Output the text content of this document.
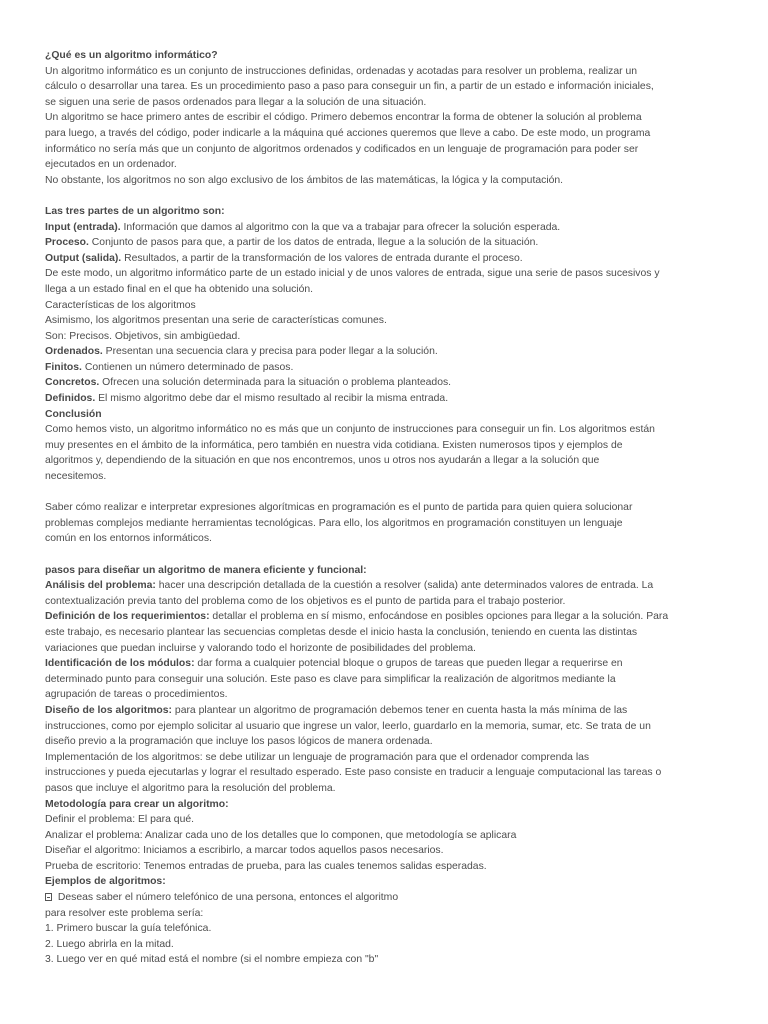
¿Qué es un algoritmo informático?
Un algoritmo informático es un conjunto de instrucciones definidas, ordenadas y acotadas para resolver un problema, realizar un
cálculo o desarrollar una tarea. Es un procedimiento paso a paso para conseguir un fin, a partir de un estado e información iniciales,
se siguen una serie de pasos ordenados para llegar a la solución de una situación.
Un algoritmo se hace primero antes de escribir el código. Primero debemos encontrar la forma de obtener la solución al problema
para luego, a través del código, poder indicarle a la máquina qué acciones queremos que lleve a cabo. De este modo, un programa
informático no sería más que un conjunto de algoritmos ordenados y codificados en un lenguaje de programación para poder ser
ejecutados en un ordenador.
No obstante, los algoritmos no son algo exclusivo de los ámbitos de las matemáticas, la lógica y la computación.
Las tres partes de un algoritmo son:
Input (entrada). Información que damos al algoritmo con la que va a trabajar para ofrecer la solución esperada.
Proceso. Conjunto de pasos para que, a partir de los datos de entrada, llegue a la solución de la situación.
Output (salida). Resultados, a partir de la transformación de los valores de entrada durante el proceso.
De este modo, un algoritmo informático parte de un estado inicial y de unos valores de entrada, sigue una serie de pasos sucesivos y
llega a un estado final en el que ha obtenido una solución.
Características de los algoritmos
Asimismo, los algoritmos presentan una serie de características comunes.
Son: Precisos. Objetivos, sin ambigüedad.
Ordenados. Presentan una secuencia clara y precisa para poder llegar a la solución.
Finitos. Contienen un número determinado de pasos.
Concretos. Ofrecen una solución determinada para la situación o problema planteados.
Definidos. El mismo algoritmo debe dar el mismo resultado al recibir la misma entrada.
Conclusión
Como hemos visto, un algoritmo informático no es más que un conjunto de instrucciones para conseguir un fin. Los algoritmos están
muy presentes en el ámbito de la informática, pero también en nuestra vida cotidiana. Existen numerosos tipos y ejemplos de
algoritmos y, dependiendo de la situación en que nos encontremos, unos u otros nos ayudarán a llegar a la solución que
necesitemos.
Saber cómo realizar e interpretar expresiones algorítmicas en programación es el punto de partida para quien quiera solucionar
problemas complejos mediante herramientas tecnológicas. Para ello, los algoritmos en programación constituyen un lenguaje
común en los entornos informáticos.
pasos para diseñar un algoritmo de manera eficiente y funcional:
Análisis del problema: hacer una descripción detallada de la cuestión a resolver (salida) ante determinados valores de entrada. La
contextualización previa tanto del problema como de los objetivos es el punto de partida para el trabajo posterior.
Definición de los requerimientos: detallar el problema en sí mismo, enfocándose en posibles opciones para llegar a la solución. Para
este trabajo, es necesario plantear las secuencias completas desde el inicio hasta la conclusión, teniendo en cuenta las distintas
variaciones que puedan incluirse y valorando todo el horizonte de posibilidades del problema.
Identificación de los módulos: dar forma a cualquier potencial bloque o grupos de tareas que pueden llegar a requerirse en
determinado punto para conseguir una solución. Este paso es clave para simplificar la realización de algoritmos mediante la
agrupación de tareas o procedimientos.
Diseño de los algoritmos: para plantear un algoritmo de programación debemos tener en cuenta hasta la más mínima de las
instrucciones, como por ejemplo solicitar al usuario que ingrese un valor, leerlo, guardarlo en la memoria, sumar, etc. Se trata de un
diseño previo a la programación que incluye los pasos lógicos de manera ordenada.
Implementación de los algoritmos: se debe utilizar un lenguaje de programación para que el ordenador comprenda las
instrucciones y pueda ejecutarlas y lograr el resultado esperado. Este paso consiste en traducir a lenguaje computacional las tareas o
pasos que incluye el algoritmo para la resolución del problema.
Metodología para crear un algoritmo:
Definir el problema: El para qué.
Analizar el problema: Analizar cada uno de los detalles que lo componen, que metodología se aplicara
Diseñar el algoritmo: Iniciamos a escribirlo, a marcar todos aquellos pasos necesarios.
Prueba de escritorio: Tenemos entradas de prueba, para las cuales tenemos salidas esperadas.
Ejemplos de algoritmos:
Deseas saber el número telefónico de una persona, entonces el algoritmo
para resolver este problema sería:
1. Primero buscar la guía telefónica.
2. Luego abrirla en la mitad.
3. Luego ver en qué mitad está el nombre (si el nombre empieza con "b"
